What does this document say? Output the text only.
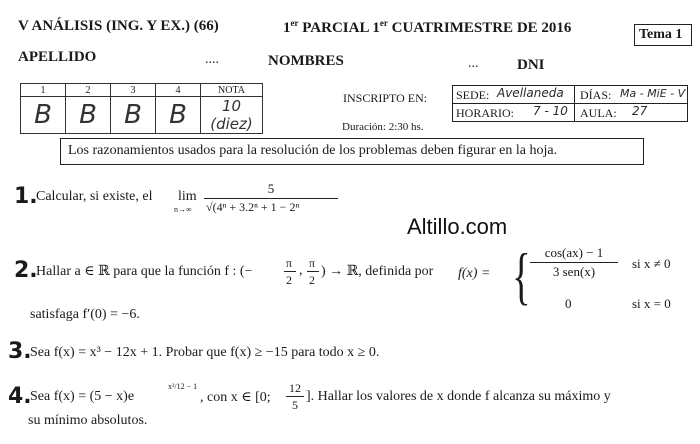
V ANÁLISIS (ING. Y EX.) (66)	1er PARCIAL 1er CUATRIMESTRE DE 2016	Tema 1
APELLIDO	....	NOMBRES	...	DNI
1	2	3	4	NOTA
B	B	B	B	10 (diez)
INSCRIPTO EN: SEDE: Avellaneda DÍAS: Ma - MiE - V
HORARIO: 7 - 10 AULA: 27
Duración: 2:30 hs.
Los razonamientos usados para la resolución de los problemas deben figurar en la hoja.
Altillo.com
1.
Calcular, si existe, el lim
n→∞
5
√(4ⁿ + 3.2ⁿ + 1 − 2ⁿ
2.
Hallar a ∈ ℝ para que la función f : (−
π
2
, π
2
) → ℝ, definida por f(x) = {	cos(ax) − 1
3 sen(x)
si x ≠ 0
0	si x = 0
satisfaga f′(0) = −6.
3.
Sea f(x) = x³ − 12x + 1. Probar que f(x) ≥ −15 para todo x ≥ 0.
4.
Sea f(x) = (5 − x)e
x²/12 − 1
, con x ∈ [0;
12
5
]. Hallar los valores de x donde f alcanza su máximo y
su mínimo absolutos.
